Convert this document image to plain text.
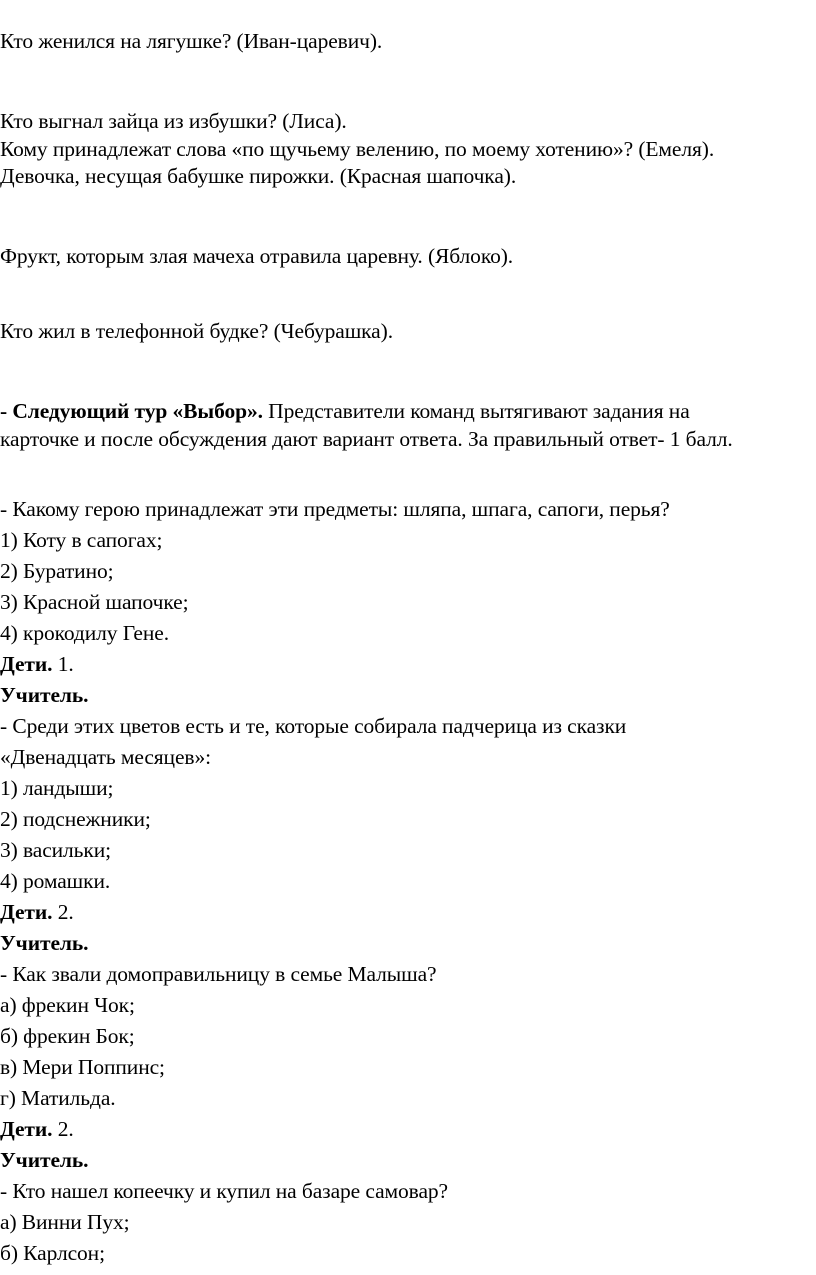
Кто женился на лягушке? (Иван-царевич).
Кто выгнал зайца из избушки? (Лиса).
Кому принадлежат слова «по щучьему велению, по моему хотению»? (Емеля).
Девочка, несущая бабушке пирожки. (Красная шапочка).
Фрукт, которым злая мачеха отравила царевну. (Яблоко).
Кто жил в телефонной будке? (Чебурашка).
- Следующий тур «Выбор». Представители команд вытягивают задания на
карточке и после обсуждения дают вариант ответа. За правильный ответ- 1 балл.
- Какому герою принадлежат эти предметы: шляпа, шпага, сапоги, перья?
1) Коту в сапогах;
2) Буратино;
3) Красной шапочке;
4) крокодилу Гене.
Дети. 1.
Учитель.
- Среди этих цветов есть и те, которые собирала падчерица из сказки
«Двенадцать месяцев»:
1) ландыши;
2) подснежники;
3) васильки;
4) ромашки.
Дети. 2.
Учитель.
- Как звали домоправильницу в семье Малыша?
а) фрекин Чок;
б) фрекин Бок;
в) Мери Поппинс;
г) Матильда.
Дети. 2.
Учитель.
- Кто нашел копеечку и купил на базаре самовар?
а) Винни Пух;
б) Карлсон;
